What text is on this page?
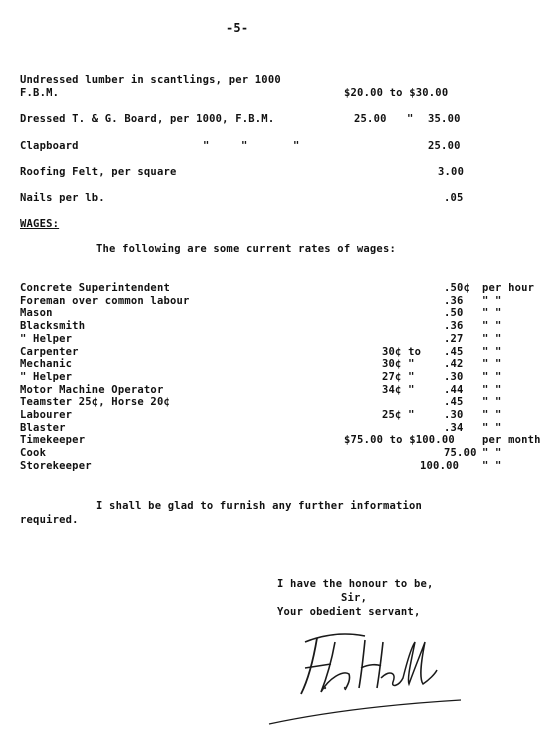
-5-
Undressed lumber in scantlings, per 1000
F.B.M.	$20.00 to $30.00
Dressed T. & G. Board, per 1000, F.B.M.	25.00 " 35.00
Clapboard	"	"	"	25.00
Roofing Felt, per square	3.00
Nails per lb.	.05
WAGES:
The following are some current rates of wages:
Concrete Superintendent	.50¢ per hour
Foreman over common labour	.36 " "
Mason	.50 " "
Blacksmith	.36 " "
" Helper	.27 " "
Carpenter	30¢ to .45 " "
Mechanic	30¢ "	.42 " "
" Helper	27¢ "	.30 " "
Motor Machine Operator	34¢ "	.44 " "
Teamster 25¢, Horse 20¢	.45 " "
Labourer	25¢ "	.30 " "
Blaster	.34 " "
Timekeeper	$75.00 to $100.00	per month
Cook	75.00 " "
Storekeeper	100.00 " "
I shall be glad to furnish any further information
required.
I have the honour to be,
Sir,
Your obedient servant,
